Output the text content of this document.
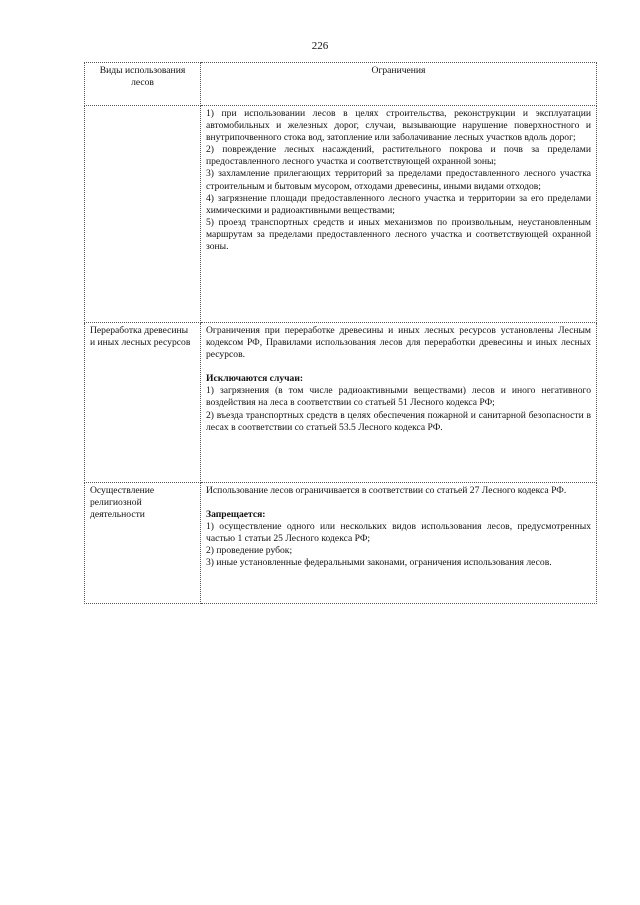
226
Виды использования лесов	Ограничения

	1) при использовании лесов в целях строительства, реконструкции и эксплуатации автомобильных и железных дорог, случаи, вызывающие нарушение поверхностного и внутрипочвенного стока вод, затопление или заболачивание лесных участков вдоль дорог;

2) повреждение лесных насаждений, растительного покрова и почв за пределами предоставленного лесного участка и соответствующей охранной зоны;

3) захламление прилегающих территорий за пределами предоставленного лесного участка строительным и бытовым мусором, отходами древесины, иными видами отходов;

4) загрязнение площади предоставленного лесного участка и территории за его пределами химическими и радиоактивными веществами;

5) проезд транспортных средств и иных механизмов по произвольным, неустановленным маршрутам за пределами предоставленного лесного участка и соответствующей охранной зоны.

Переработка древесины и иных лесных ресурсов	Ограничения при переработке древесины и иных лесных ресурсов установлены Лесным кодексом РФ, Правилами использования лесов для переработки древесины и иных лесных ресурсов.

Исключаются случаи:

1) загрязнения (в том числе радиоактивными веществами) лесов и иного негативного воздействия на леса в соответствии со статьей 51 Лесного кодекса РФ;

2) въезда транспортных средств в целях обеспечения пожарной и санитарной безопасности в лесах в соответствии со статьей 53.5 Лесного кодекса РФ.

Осуществление религиозной деятельности	Использование лесов ограничивается в соответствии со статьей 27 Лесного кодекса РФ.

Запрещается:

1) осуществление одного или нескольких видов использования лесов, предусмотренных частью 1 статьи 25 Лесного кодекса РФ;

2) проведение рубок;

3) иные установленные федеральными законами, ограничения использования лесов.
